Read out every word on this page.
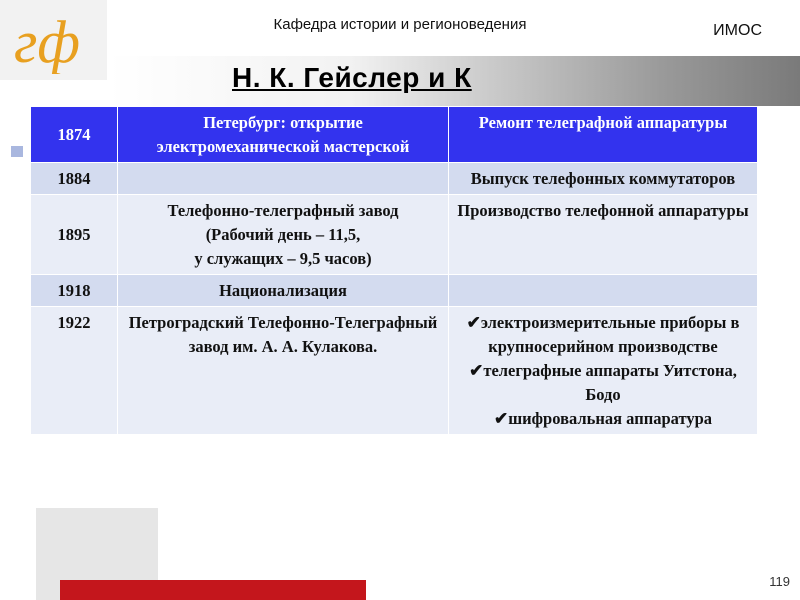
гф	Кафедра истории и регионоведения	ИМОС
Н. К. Гейслер и К
1874	Петербург: открытие электромеханической мастерской	Ремонт телеграфной аппаратуры
1884		Выпуск телефонных коммутаторов
1895	Телефонно-телеграфный завод
(Рабочий день – 11,5,
у служащих – 9,5 часов)	Производство телефонной аппаратуры
1918	Национализация	
1922	Петроградский Телефонно-Телеграфный завод им. А. А. Кулакова.	✔электроизмерительные приборы в крупносерийном производстве
✔телеграфные аппараты Уитстона, Бодо
✔шифровальная аппаратура
119
